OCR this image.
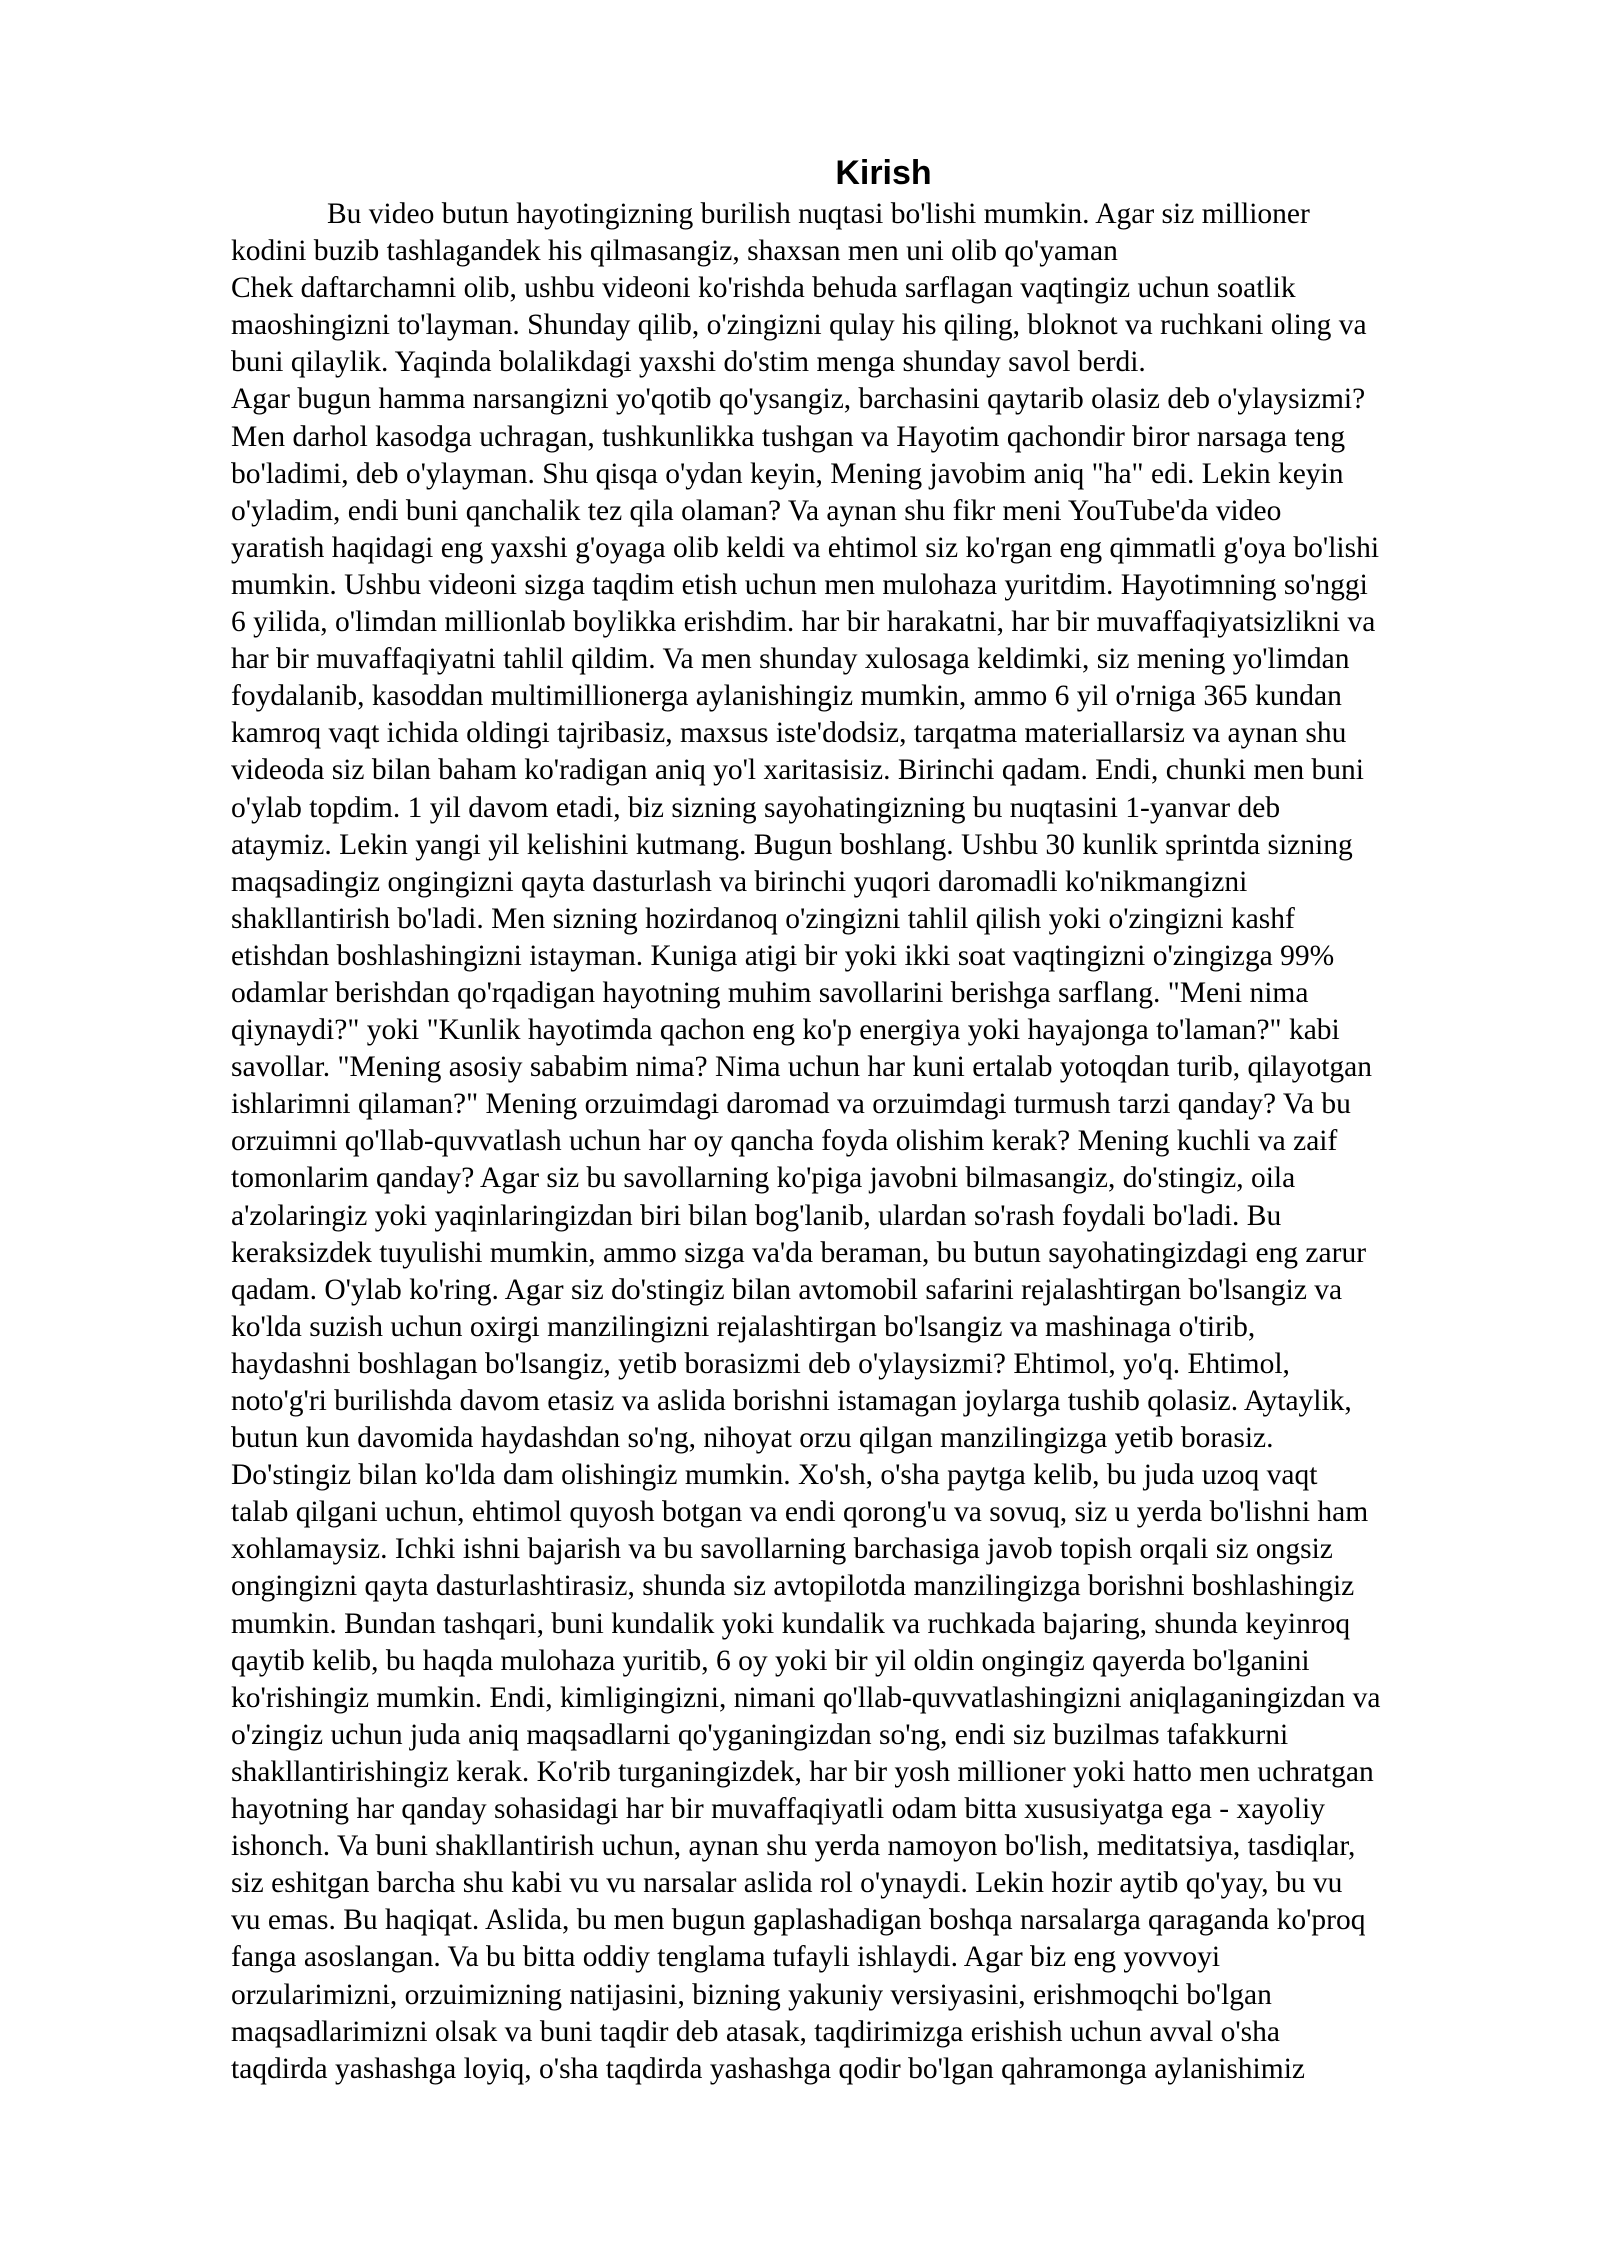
Kirish

Bu video butun hayotingizning burilish nuqtasi bo'lishi mumkin. Agar siz millioner

kodini buzib tashlagandek his qilmasangiz, shaxsan men uni olib qo'yaman

Chek daftarchamni olib, ushbu videoni ko'rishda behuda sarflagan vaqtingiz uchun soatlik

maoshingizni to'layman. Shunday qilib, o'zingizni qulay his qiling, bloknot va ruchkani oling va

buni qilaylik. Yaqinda bolalikdagi yaxshi do'stim menga shunday savol berdi.

Agar bugun hamma narsangizni yo'qotib qo'ysangiz, barchasini qaytarib olasiz deb o'ylaysizmi?

Men darhol kasodga uchragan, tushkunlikka tushgan va Hayotim qachondir biror narsaga teng

bo'ladimi, deb o'ylayman. Shu qisqa o'ydan keyin, Mening javobim aniq "ha" edi. Lekin keyin

o'yladim, endi buni qanchalik tez qila olaman? Va aynan shu fikr meni YouTube'da video

yaratish haqidagi eng yaxshi g'oyaga olib keldi va ehtimol siz ko'rgan eng qimmatli g'oya bo'lishi

mumkin. Ushbu videoni sizga taqdim etish uchun men mulohaza yuritdim. Hayotimning so'nggi

6 yilida, o'limdan millionlab boylikka erishdim. har bir harakatni, har bir muvaffaqiyatsizlikni va

har bir muvaffaqiyatni tahlil qildim. Va men shunday xulosaga keldimki, siz mening yo'limdan

foydalanib, kasoddan multimillionerga aylanishingiz mumkin, ammo 6 yil o'rniga 365 kundan

kamroq vaqt ichida oldingi tajribasiz, maxsus iste'dodsiz, tarqatma materiallarsiz va aynan shu

videoda siz bilan baham ko'radigan aniq yo'l xaritasisiz. Birinchi qadam. Endi, chunki men buni

o'ylab topdim. 1 yil davom etadi, biz sizning sayohatingizning bu nuqtasini 1-yanvar deb

ataymiz. Lekin yangi yil kelishini kutmang. Bugun boshlang. Ushbu 30 kunlik sprintda sizning

maqsadingiz ongingizni qayta dasturlash va birinchi yuqori daromadli ko'nikmangizni

shakllantirish bo'ladi. Men sizning hozirdanoq o'zingizni tahlil qilish yoki o'zingizni kashf

etishdan boshlashingizni istayman. Kuniga atigi bir yoki ikki soat vaqtingizni o'zingizga 99%

odamlar berishdan qo'rqadigan hayotning muhim savollarini berishga sarflang. "Meni nima

qiynaydi?" yoki "Kunlik hayotimda qachon eng ko'p energiya yoki hayajonga to'laman?" kabi

savollar. "Mening asosiy sababim nima? Nima uchun har kuni ertalab yotoqdan turib, qilayotgan

ishlarimni qilaman?" Mening orzuimdagi daromad va orzuimdagi turmush tarzi qanday? Va bu

orzuimni qo'llab-quvvatlash uchun har oy qancha foyda olishim kerak? Mening kuchli va zaif

tomonlarim qanday? Agar siz bu savollarning ko'piga javobni bilmasangiz, do'stingiz, oila

a'zolaringiz yoki yaqinlaringizdan biri bilan bog'lanib, ulardan so'rash foydali bo'ladi. Bu

keraksizdek tuyulishi mumkin, ammo sizga va'da beraman, bu butun sayohatingizdagi eng zarur

qadam. O'ylab ko'ring. Agar siz do'stingiz bilan avtomobil safarini rejalashtirgan bo'lsangiz va

ko'lda suzish uchun oxirgi manzilingizni rejalashtirgan bo'lsangiz va mashinaga o'tirib,

haydashni boshlagan bo'lsangiz, yetib borasizmi deb o'ylaysizmi? Ehtimol, yo'q. Ehtimol,

noto'g'ri burilishda davom etasiz va aslida borishni istamagan joylarga tushib qolasiz. Aytaylik,

butun kun davomida haydashdan so'ng, nihoyat orzu qilgan manzilingizga yetib borasiz.

Do'stingiz bilan ko'lda dam olishingiz mumkin. Xo'sh, o'sha paytga kelib, bu juda uzoq vaqt

talab qilgani uchun, ehtimol quyosh botgan va endi qorong'u va sovuq, siz u yerda bo'lishni ham

xohlamaysiz. Ichki ishni bajarish va bu savollarning barchasiga javob topish orqali siz ongsiz

ongingizni qayta dasturlashtirasiz, shunda siz avtopilotda manzilingizga borishni boshlashingiz

mumkin. Bundan tashqari, buni kundalik yoki kundalik va ruchkada bajaring, shunda keyinroq

qaytib kelib, bu haqda mulohaza yuritib, 6 oy yoki bir yil oldin ongingiz qayerda bo'lganini

ko'rishingiz mumkin. Endi, kimligingizni, nimani qo'llab-quvvatlashingizni aniqlaganingizdan va

o'zingiz uchun juda aniq maqsadlarni qo'yganingizdan so'ng, endi siz buzilmas tafakkurni

shakllantirishingiz kerak. Ko'rib turganingizdek, har bir yosh millioner yoki hatto men uchratgan

hayotning har qanday sohasidagi har bir muvaffaqiyatli odam bitta xususiyatga ega - xayoliy

ishonch. Va buni shakllantirish uchun, aynan shu yerda namoyon bo'lish, meditatsiya, tasdiqlar,

siz eshitgan barcha shu kabi vu vu narsalar aslida rol o'ynaydi. Lekin hozir aytib qo'yay, bu vu

vu emas. Bu haqiqat. Aslida, bu men bugun gaplashadigan boshqa narsalarga qaraganda ko'proq

fanga asoslangan. Va bu bitta oddiy tenglama tufayli ishlaydi. Agar biz eng yovvoyi

orzularimizni, orzuimizning natijasini, bizning yakuniy versiyasini, erishmoqchi bo'lgan

maqsadlarimizni olsak va buni taqdir deb atasak, taqdirimizga erishish uchun avval o'sha

taqdirda yashashga loyiq, o'sha taqdirda yashashga qodir bo'lgan qahramonga aylanishimiz
